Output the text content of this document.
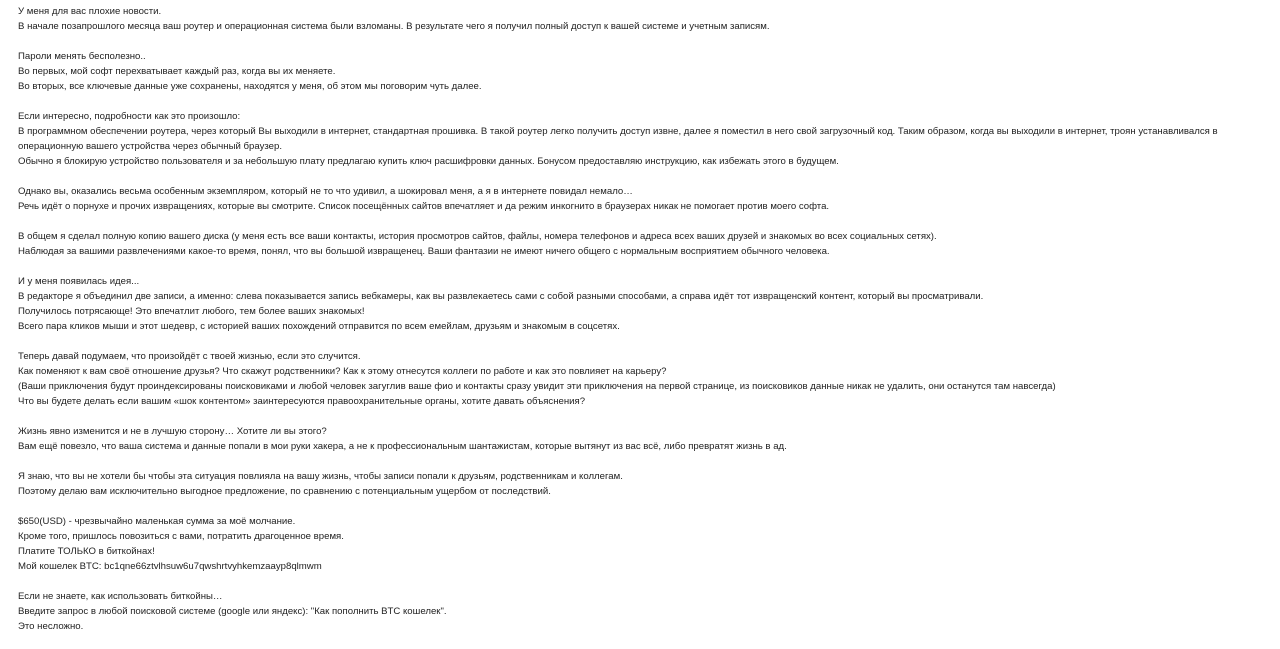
У меня для вас плохие новости.
В начале позапрошлого месяца ваш роутер и операционная система были взломаны. В результате чего я получил полный доступ к вашей системе и учетным записям.
Пароли менять бесполезно..
Во первых, мой софт перехватывает каждый раз, когда вы их меняете.
Во вторых, все ключевые данные уже сохранены, находятся у меня, об этом мы поговорим чуть далее.
Если интересно, подробности как это произошло:
В программном обеспечении роутера, через который Вы выходили в интернет, стандартная прошивка. В такой роутер легко получить доступ извне, далее я поместил в него свой загрузочный код. Таким образом, когда вы выходили в интернет, троян устанавливался в операционную вашего устройства через обычный браузер.
Обычно я блокирую устройство пользователя и за небольшую плату предлагаю купить ключ расшифровки данных. Бонусом предоставляю инструкцию, как избежать этого в будущем.
Однако вы, оказались весьма особенным экземпляром, который не то что удивил, а шокировал меня, а я в интернете повидал немало…
Речь идёт о порнухе и прочих извращениях, которые вы смотрите. Список посещённых сайтов впечатляет и да режим инкогнито в браузерах никак не помогает против моего софта.
В общем я сделал полную копию вашего диска (у меня есть все ваши контакты, история просмотров сайтов, файлы, номера телефонов и адреса всех ваших друзей и знакомых во всех социальных сетях).
Наблюдая за вашими развлечениями какое-то время, понял, что вы большой извращенец. Ваши фантазии не имеют ничего общего с нормальным восприятием обычного человека.
И у меня появилась идея...
В редакторе я объединил две записи, а именно: слева показывается запись вебкамеры, как вы развлекаетесь сами с собой разными способами, а справа идёт тот извращенский контент, который вы просматривали.
Получилось потрясающе! Это впечатлит любого, тем более ваших знакомых!
Всего пара кликов мыши и этот шедевр, с историей ваших похождений отправится по всем емейлам, друзьям и знакомым в соцсетях.
Теперь давай подумаем, что произойдёт с твоей жизнью, если это случится.
Как поменяют к вам своё отношение друзья? Что скажут родственники? Как к этому отнесутся коллеги по работе и как это повлияет на карьеру?
(Ваши приключения будут проиндексированы поисковиками и любой человек загуглив ваше фио и контакты сразу увидит эти приключения на первой странице, из поисковиков данные никак не удалить, они останутся там навсегда)
Что вы будете делать если вашим «шок контентом» заинтересуются правоохранительные органы, хотите давать объяснения?
Жизнь явно изменится и не в лучшую сторону… Хотите ли вы этого?
Вам ещё повезло, что ваша система и данные попали в мои руки хакера, а не к профессиональным шантажистам, которые вытянут из вас всё, либо превратят жизнь в ад.
Я знаю, что вы не хотели бы чтобы эта ситуация повлияла на вашу жизнь, чтобы записи попали к друзьям, родственникам и коллегам.
Поэтому делаю вам исключительно выгодное предложение, по сравнению с потенциальным ущербом от последствий.
$650(USD) - чрезвычайно маленькая сумма за моё молчание.
Кроме того, пришлось повозиться с вами, потратить драгоценное время.
Платите ТОЛЬКО в биткойнах!
Мой кошелек BTC: bc1qne66ztvlhsuw6u7qwshrtvyhkemzaayp8qlmwm
Если не знаете, как использовать биткойны…
Введите запрос в любой поисковой системе (google или яндекс): "Как пополнить BTC кошелек".
Это несложно.
